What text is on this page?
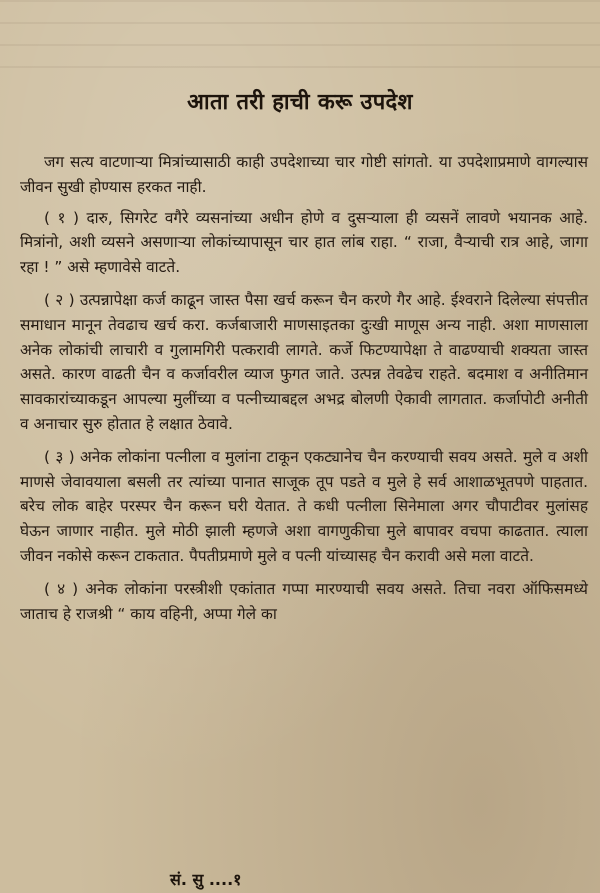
आता तरी हाची करू उपदेश

जग सत्य वाटणाऱ्या मित्रांच्यासाठी काही उपदेशाच्या चार गोष्टी सांगतो. या उपदेशाप्रमाणे वागल्यास जीवन सुखी होण्यास हरकत नाही.

( १ ) दारु, सिगरेट वगैरे व्यसनांच्या अधीन होणे व दुसऱ्याला ही व्यसनें लावणे भयानक आहे. मित्रांनो, अशी व्यसने असणाऱ्या लोकांच्यापासून चार हात लांब राहा. “ राजा, वैऱ्याची रात्र आहे, जागा रहा ! ” असे म्हणावेसे वाटते.

( २ ) उत्पन्नापेक्षा कर्ज काढून जास्त पैसा खर्च करून चैन करणे गैर आहे. ईश्वराने दिलेल्या संपत्तीत समाधान मानून तेवढाच खर्च करा. कर्जबाजारी माणसाइतका दुःखी माणूस अन्य नाही. अशा माणसाला अनेक लोकांची लाचारी व गुलामगिरी पत्करावी लागते. कर्जे फिटण्यापेक्षा ते वाढण्याची शक्यता जास्त असते. कारण वाढती चैन व कर्जावरील व्याज फुगत जाते. उत्पन्न तेवढेच राहते. बदमाश व अनीतिमान सावकारांच्याकडून आपल्या मुलींच्या व पत्नीच्याबद्दल अभद्र बोलणी ऐकावी लागतात. कर्जापोटी अनीती व अनाचार सुरु होतात हे लक्षात ठेवावे.

( ३ ) अनेक लोकांना पत्नीला व मुलांना टाकून एकट्यानेच चैन करण्याची सवय असते. मुले व अशी माणसे जेवावयाला बसली तर त्यांच्या पानात साजूक तूप पडते व मुले हे सर्व आशाळभूतपणे पाहतात. बरेच लोक बाहेर परस्पर चैन करून घरी येतात. ते कधी पत्नीला सिनेमाला अगर चौपाटीवर मुलांसह घेऊन जाणार नाहीत. मुले मोठी झाली म्हणजे अशा वागणुकीचा मुले बापावर वचपा काढतात. त्याला जीवन नकोसे करून टाकतात. पैपतीप्रमाणे मुले व पत्नी यांच्यासह चैन करावी असे मला वाटते.

( ४ ) अनेक लोकांना परस्त्रीशी एकांतात गप्पा मारण्याची सवय असते. तिचा नवरा ऑफिसमध्ये जाताच हे राजश्री “ काय वहिनी, अप्पा गेले का

सं. सु ....१
